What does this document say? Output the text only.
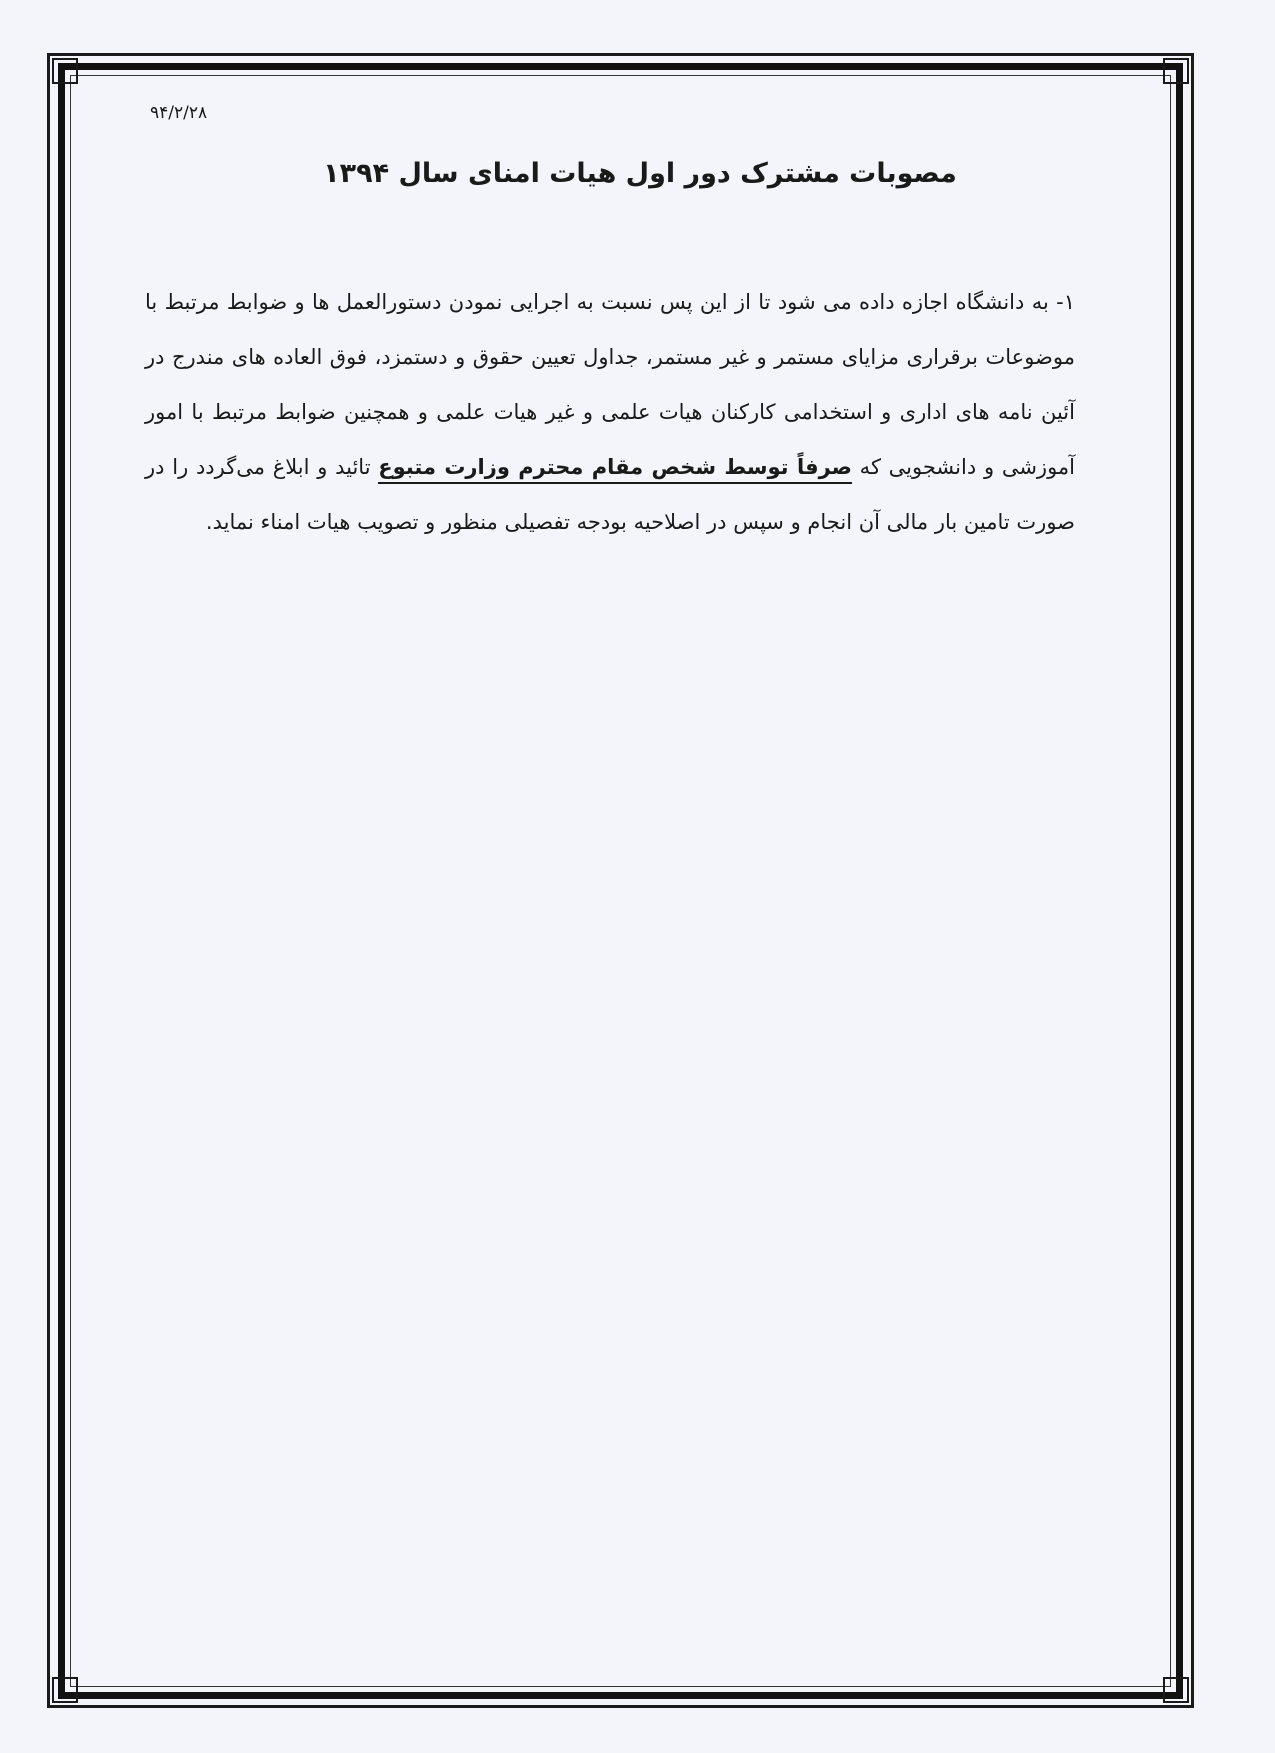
۹۴/۲/۲۸
مصوبات مشترک دور اول هیات امنای سال ۱۳۹۴

۱- به دانشگاه اجازه داده می شود تا از این پس نسبت به اجرایی نمودن دستورالعمل ها و ضوابط مرتبط با موضوعات برقراری مزایای مستمر و غیر مستمر، جداول تعیین حقوق و دستمزد، فوق العاده های مندرج در آئین نامه های اداری و استخدامی کارکنان هیات علمی و غیر هیات علمی و همچنین ضوابط مرتبط با امور آموزشی و دانشجویی که صرفاً توسط شخص مقام محترم وزارت متبوع تائید و ابلاغ می‌گردد را در صورت تامین بار مالی آن انجام و سپس در اصلاحیه بودجه تفصیلی منظور و تصویب هیات امناء نماید.
